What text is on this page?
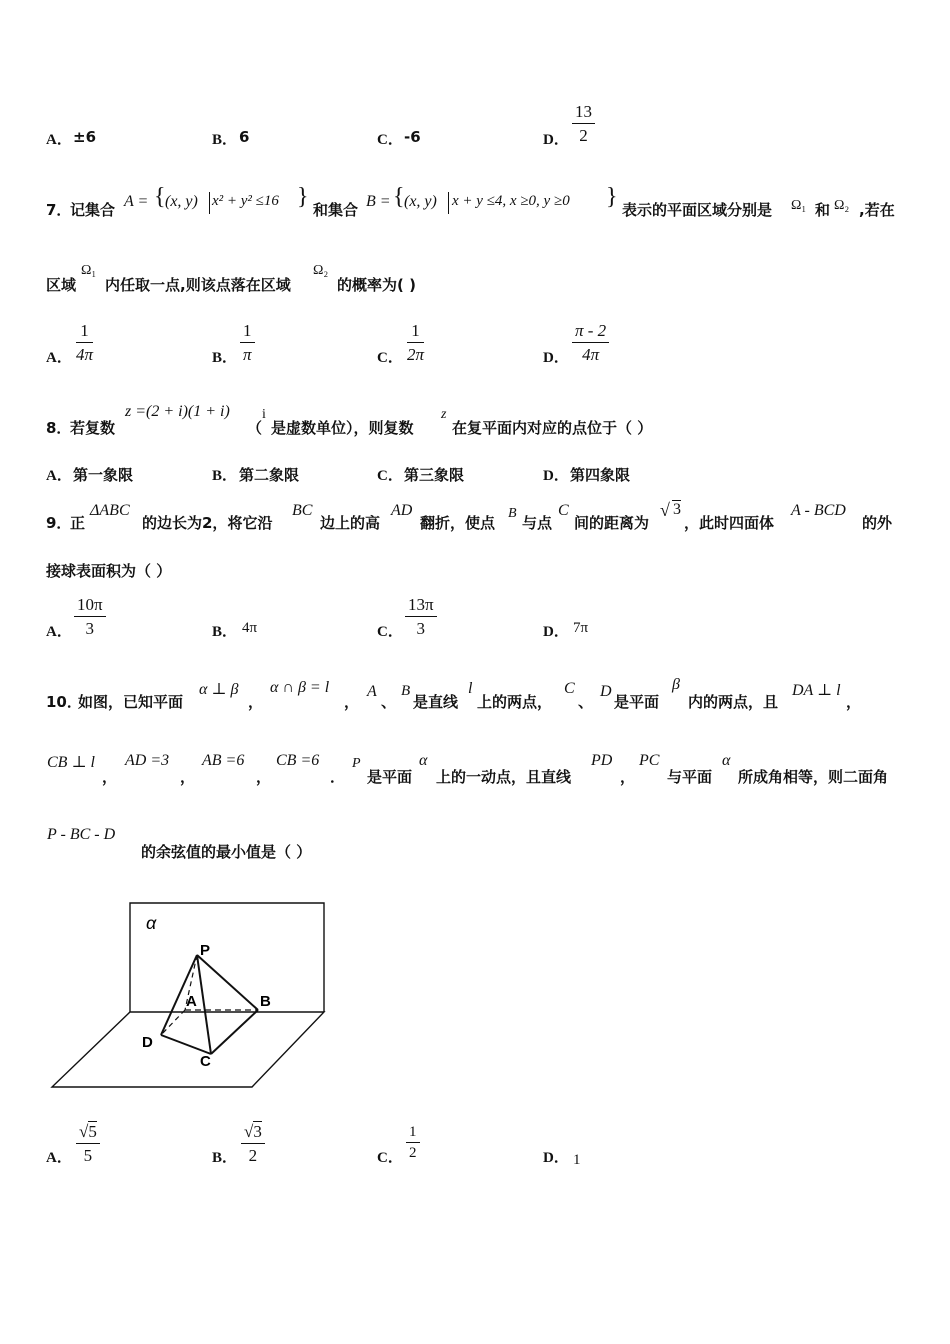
A． ±6	B． 6	C． -6	D．
13
2
7．
记集合 A = { (x, y) x² + y² ≤16 } 和集合 B = { (x, y) x + y ≤4, x ≥0, y ≥0 } 表示的平面区域分别是 Ω₁ 和 Ω₂ ,若在
区域
Ω₁
内任取一点,则该点落在区域
Ω₂
的概率为( )
A．
1
4π	B．
1
π	C．
1
2π	D．
π - 2
4π
8．
若复数
z =(2 + i)(1 + i)
（
i
是虚数单位），则复数
z
在复平面内对应的点位于（ ）
A． 第一象限	B． 第二象限	C． 第三象限	D． 第四象限
9．
正
ΔABC
的边长为2，将它沿
BC
边上的高
AD
翻折，使点
B
与点
C
间的距离为
√ 3
，此时四面体
A - BCD
的外
接球表面积为（ ）
A．
10π
3	B． 4π	C．
13π
3	D． 7π
10．
如图，已知平面
α ⊥ β
，
α ∩ β = l
，
A
、
B
是直线
l
上的两点，
C
、
D
是平面
β
内的两点，且
DA ⊥ l
，
CB ⊥ l
，
AD =3
，
AB =6
，
CB =6
．
P
是平面
α
上的一动点，且直线
PD
，
PC
与平面
α
所成角相等，则二面角
P - BC - D
的余弦值的最小值是（ ）
α
P
A	B
D
C
A．
√5
5	B．
√3
2	C．
1
2	D． 1
